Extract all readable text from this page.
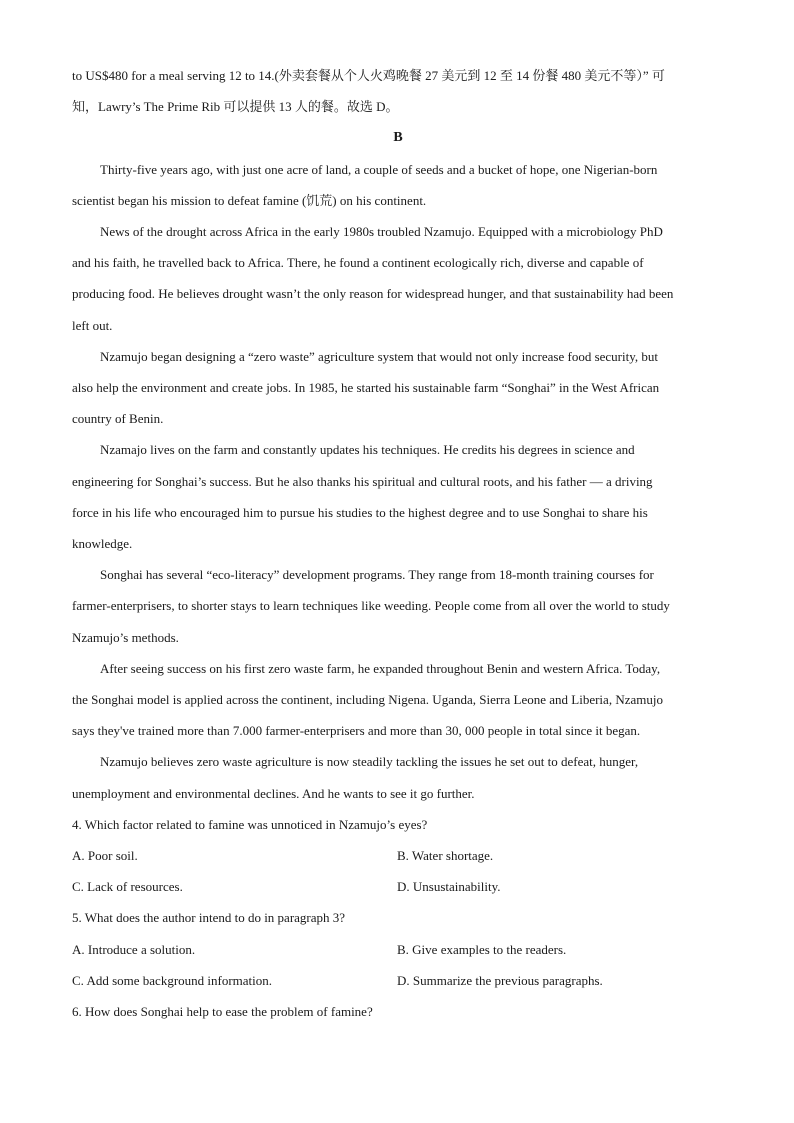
to US$480 for a meal serving 12 to 14.(外卖套餐从个人火鸡晚餐 27 美元到 12 至 14 份餐 480 美元不等）” 可

知，Lawry’s The Prime Rib 可以提供 13 人的餐。故选 D。

B

Thirty-five years ago, with just one acre of land, a couple of seeds and a bucket of hope, one Nigerian-born

scientist began his mission to defeat famine (饥荒) on his continent.

News of the drought across Africa in the early 1980s troubled Nzamujo. Equipped with a microbiology PhD

and his faith, he travelled back to Africa. There, he found a continent ecologically rich, diverse and capable of

producing food. He believes drought wasn’t the only reason for widespread hunger, and that sustainability had been

left out.

Nzamujo began designing a “zero waste” agriculture system that would not only increase food security, but

also help the environment and create jobs. In 1985, he started his sustainable farm “Songhai” in the West African

country of Benin.

Nzamajo lives on the farm and constantly updates his techniques. He credits his degrees in science and

engineering for Songhai’s success. But he also thanks his spiritual and cultural roots, and his father — a driving

force in his life who encouraged him to pursue his studies to the highest degree and to use Songhai to share his

knowledge.

Songhai has several “eco-literacy” development programs. They range from 18-month training courses for

farmer-enterprisers, to shorter stays to learn techniques like weeding. People come from all over the world to study

Nzamujo’s methods.

After seeing success on his first zero waste farm, he expanded throughout Benin and western Africa. Today,

the Songhai model is applied across the continent, including Nigena. Uganda, Sierra Leone and Liberia, Nzamujo

says they've trained more than 7.000 farmer-enterprisers and more than 30, 000 people in total since it began.

Nzamujo believes zero waste agriculture is now steadily tackling the issues he set out to defeat, hunger,

unemployment and environmental declines. And he wants to see it go further.

4. Which factor related to famine was unnoticed in Nzamujo’s eyes?

A. Poor soil.	B. Water shortage.
C. Lack of resources.	D. Unsustainability.

5. What does the author intend to do in paragraph 3?

A. Introduce a solution.	B. Give examples to the readers.
C. Add some background information.	D. Summarize the previous paragraphs.

6. How does Songhai help to ease the problem of famine?
